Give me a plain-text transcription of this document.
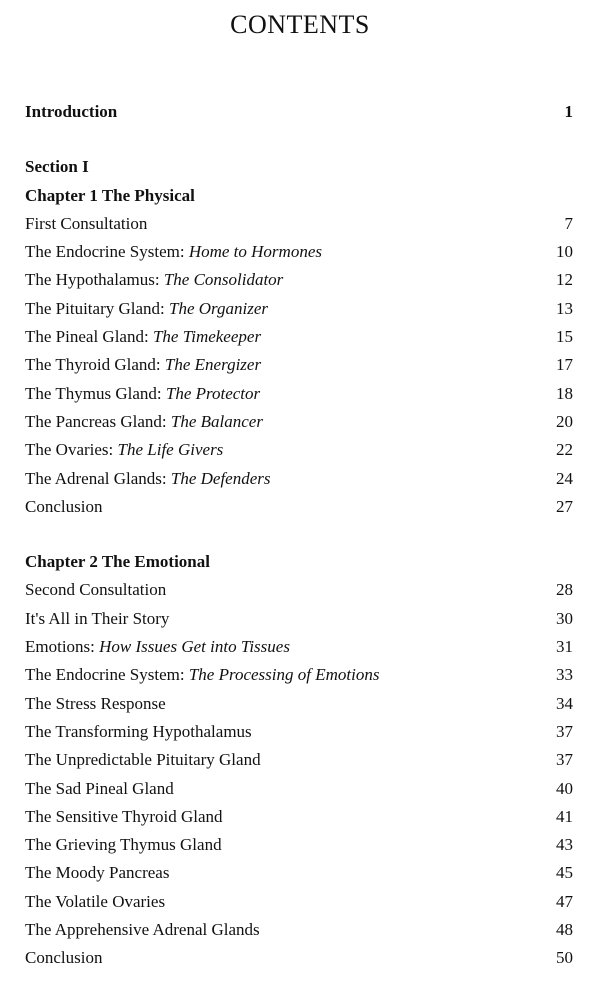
CONTENTS
Introduction	1
Section I
Chapter 1 The Physical
First Consultation	7
The Endocrine System: Home to Hormones	10
The Hypothalamus: The Consolidator	12
The Pituitary Gland: The Organizer	13
The Pineal Gland: The Timekeeper	15
The Thyroid Gland: The Energizer	17
The Thymus Gland: The Protector	18
The Pancreas Gland: The Balancer	20
The Ovaries: The Life Givers	22
The Adrenal Glands: The Defenders	24
Conclusion	27
Chapter 2 The Emotional
Second Consultation	28
It's All in Their Story	30
Emotions: How Issues Get into Tissues	31
The Endocrine System: The Processing of Emotions	33
The Stress Response	34
The Transforming Hypothalamus	37
The Unpredictable Pituitary Gland	37
The Sad Pineal Gland	40
The Sensitive Thyroid Gland	41
The Grieving Thymus Gland	43
The Moody Pancreas	45
The Volatile Ovaries	47
The Apprehensive Adrenal Glands	48
Conclusion	50
